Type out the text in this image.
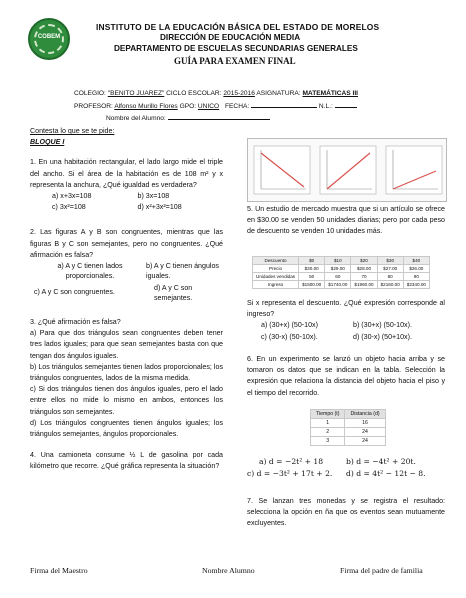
COBEM
INSTITUTO DE LA EDUCACIÓN BÁSICA DEL ESTADO DE MORELOS
DIRECCIÓN DE EDUCACIÓN MEDIA
DEPARTAMENTO DE ESCUELAS SECUNDARIAS GENERALES
GUÍA PARA EXAMEN FINAL
COLEGIO: "BENITO JUAREZ" CICLO ESCOLAR: 2015-2016 ASIGNATURA: MATEMÁTICAS III
PROFESOR: Alfonso Murillo Flores GPO: UNICO FECHA:	N.L.:
Nombre del Alumno:
Contesta lo que se te pide:
BLOQUE I
1. En una habitación rectangular, el lado largo mide el triple del ancho. Si el área de la habitación es de 108 m² y x representa la anchura, ¿Qué igualdad es verdadera?
a) x+3x=108	b) 3x=108
c) 3x²=108	d) x²+3x²=108
2. Las figuras A y B son congruentes, mientras que las figuras B y C son semejantes, pero no congruentes. ¿Qué afirmación es falsa?
a) A y C tienen lados proporcionales.
b) A y C tienen ángulos iguales.
c) A y C son congruentes.	d) A y C son semejantes.
3. ¿Qué afirmación es falsa?
a) Para que dos triángulos sean congruentes deben tener tres lados iguales; para que sean semejantes basta con que tengan dos ángulos iguales.
b) Los triángulos semejantes tienen lados proporcionales; los triángulos congruentes, lados de la misma medida.
c) Si dos triángulos tienen dos ángulos iguales, pero el lado entre ellos no mide lo mismo en ambos, entonces los triángulos son semejantes.
d) Los triángulos congruentes tienen ángulos iguales; los triángulos semejantes, ángulos proporcionales.
4. Una camioneta consume ½ L de gasolina por cada kilómetro que recorre. ¿Qué gráfica representa la situación?
5. Un estudio de mercado muestra que si un artículo se ofrece en $30.00 se venden 50 unidades diarias; pero por cada peso de descuento se venden 10 unidades más.
Descuento	$0	$10	$20	$30	$40
Precio	$30.00	$29.00	$28.00	$27.00	$26.00
Unidades vendidas	50	60	70	80	90
Ingreso	$1500.00	$1740.00	$1960.00	$2160.00	$2340.00
Si x representa el descuento. ¿Qué expresión corresponde al ingreso?
a) (30+x) (50-10x)	b) (30+x) (50-10x).
c) (30-x) (50-10x).	d) (30-x) (50+10x).
6. En un experimento se lanzó un objeto hacia arriba y se tomaron os datos que se indican en la tabla. Selección la expresión que relaciona la distancia del objeto hacia el piso y el tiempo del recorrido.
Tiempo (t)	Distancia (d)
1	16
2	24
3	24
a) d = −2t² + 18	b) d = −4t² + 20t.
c) d = −3t² + 17t + 2.	d) d = 4t² − 12t − 8.
7. Se lanzan tres monedas y se registra el resultado: selecciona la opción en ña que os eventos sean mutuamente excluyentes.
Firma del Maestro	Nombre Alumno	Firma del padre de familia
